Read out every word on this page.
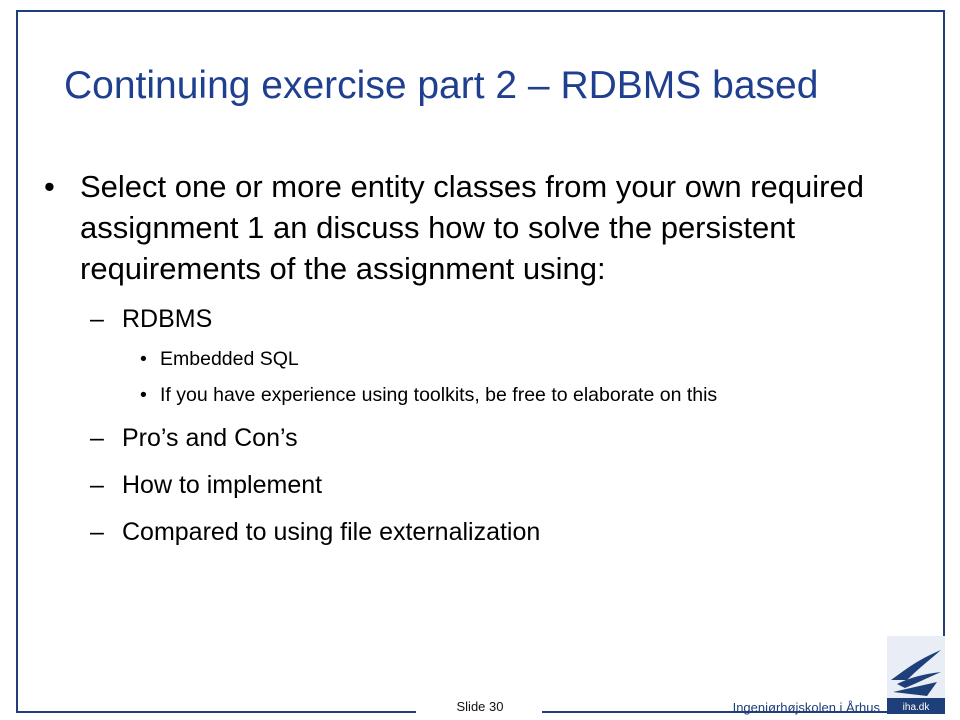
Continuing exercise part 2 – RDBMS based
• Select one or more entity classes from your own required assignment 1 an discuss how to solve the persistent requirements of the assignment using:
– RDBMS
• Embedded SQL
• If you have experience using toolkits, be free to elaborate on this
– Pro’s and Con’s
– How to implement
– Compared to using file externalization
Slide 30	Ingeniørhøjskolen i Århus iha.dk
